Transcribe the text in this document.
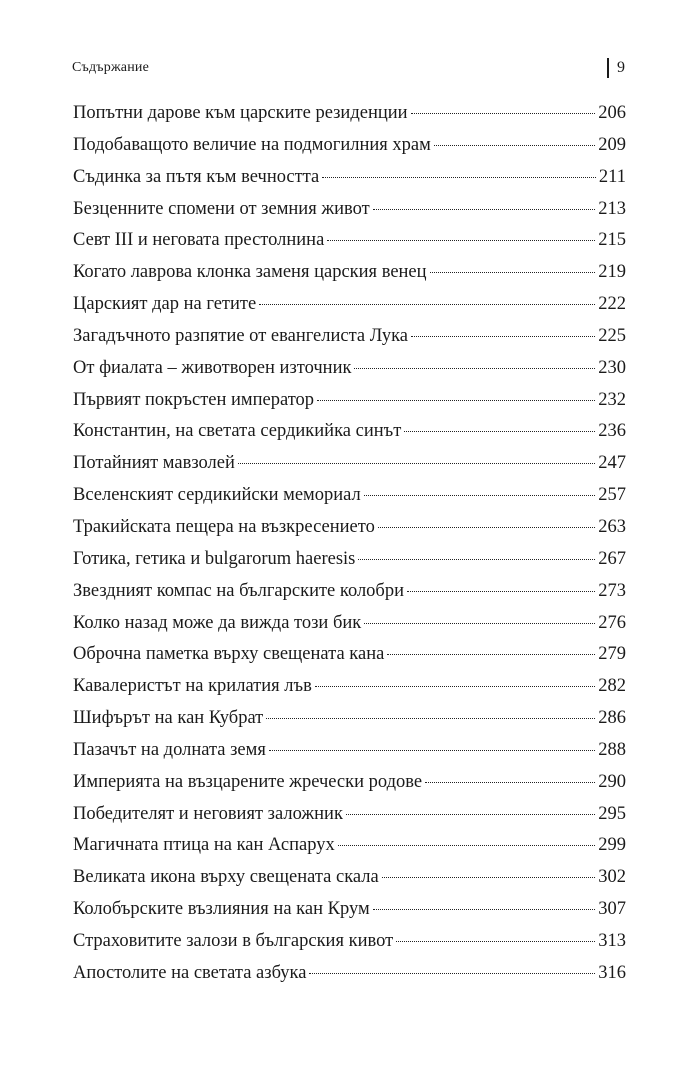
Съдържание	9
Попътни дарове към царските резиденции	206
Подобаващото величие на подмогилния храм	209
Съдинка за пътя към вечността	211
Безценните спомени от земния живот	213
Севт III и неговата престолнина	215
Когато лаврова клонка заменя царския венец	219
Царският дар на гетите	222
Загадъчното разпятие от евангелиста Лука	225
От фиалата – животворен източник	230
Първият покръстен император	232
Константин, на светата сердикийка синът	236
Потайният мавзолей	247
Вселенският сердикийски мемориал	257
Тракийската пещера на възкресението	263
Готика, гетика и bulgarorum haeresis	267
Звездният компас на българските колобри	273
Колко назад може да вижда този бик	276
Оброчна паметка върху свещената кана	279
Кавалеристът на крилатия лъв	282
Шифърът на кан Кубрат	286
Пазачът на долната земя	288
Империята на възцарените жречески родове	290
Победителят и неговият заложник	295
Магичната птица на кан Аспарух	299
Великата икона върху свещената скала	302
Колобърските възлияния на кан Крум	307
Страховитите залози в българския кивот	313
Апостолите на светата азбука	316
